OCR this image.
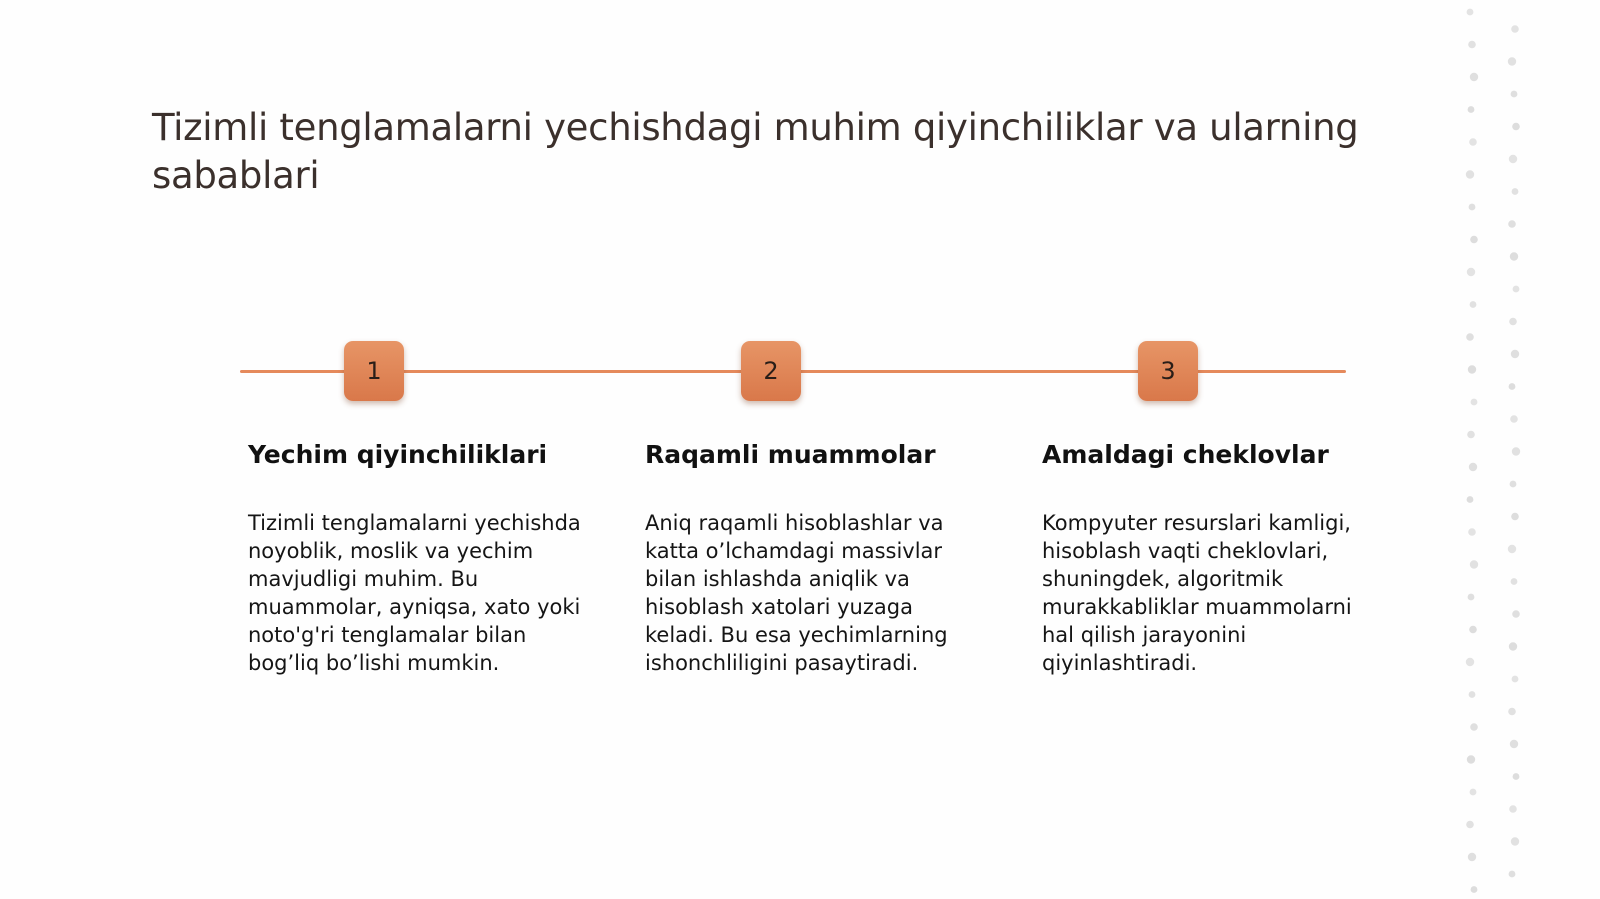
Tizimli tenglamalarni yechishdagi muhim qiyinchiliklar va ularning sabablari
1
Yechim qiyinchiliklari

Tizimli tenglamalarni yechishda noyoblik, moslik va yechim mavjudligi muhim. Bu muammolar, ayniqsa, xato yoki noto'g'ri tenglamalar bilan bog’liq bo’lishi mumkin.

2
Raqamli muammolar

Aniq raqamli hisoblashlar va katta o’lchamdagi massivlar bilan ishlashda aniqlik va hisoblash xatolari yuzaga keladi. Bu esa yechimlarning ishonchliligini pasaytiradi.

3
Amaldagi cheklovlar

Kompyuter resurslari kamligi, hisoblash vaqti cheklovlari, shuningdek, algoritmik murakkabliklar muammolarni hal qilish jarayonini qiyinlashtiradi.
